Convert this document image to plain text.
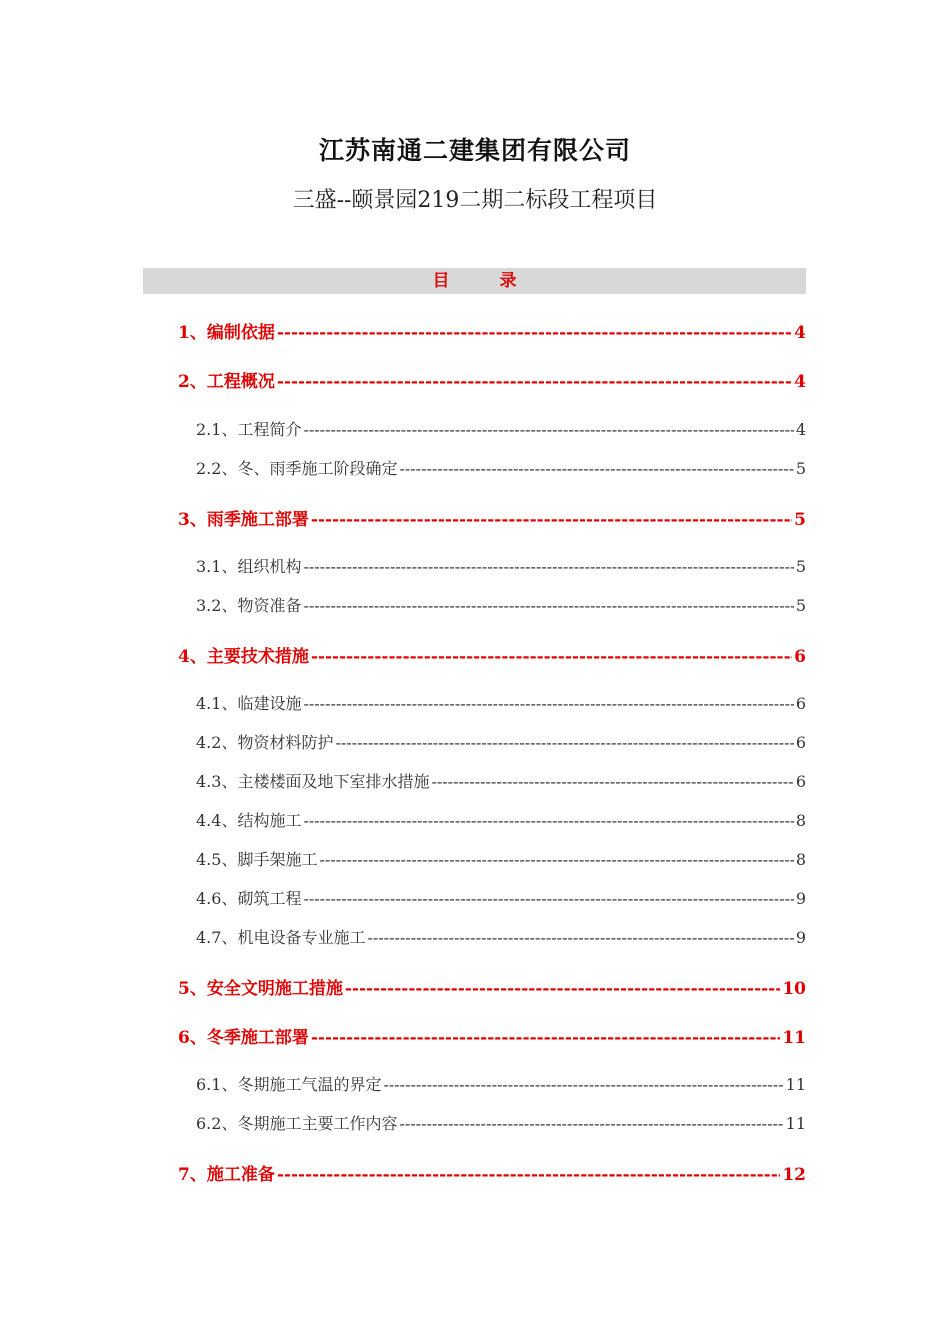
江苏南通二建集团有限公司
三盛--颐景园219二期二标段工程项目
目 录
1、编制依据 -----	4
2、工程概况 -----	4
2.1、工程简介 -----	4
2.2、冬、雨季施工阶段确定 -----	5
3、雨季施工部署 -----	5
3.1、组织机构 -----	5
3.2、物资准备 -----	5
4、主要技术措施 -----	6
4.1、临建设施 -----	6
4.2、物资材料防护 -----	6
4.3、主楼楼面及地下室排水措施 -----	6
4.4、结构施工 -----	8
4.5、脚手架施工 -----	8
4.6、砌筑工程 -----	9
4.7、机电设备专业施工 -----	9
5、安全文明施工措施 -----	10
6、冬季施工部署 -----	11
6.1、冬期施工气温的界定 -----	11
6.2、冬期施工主要工作内容 -----	11
7、施工准备 -----	12
